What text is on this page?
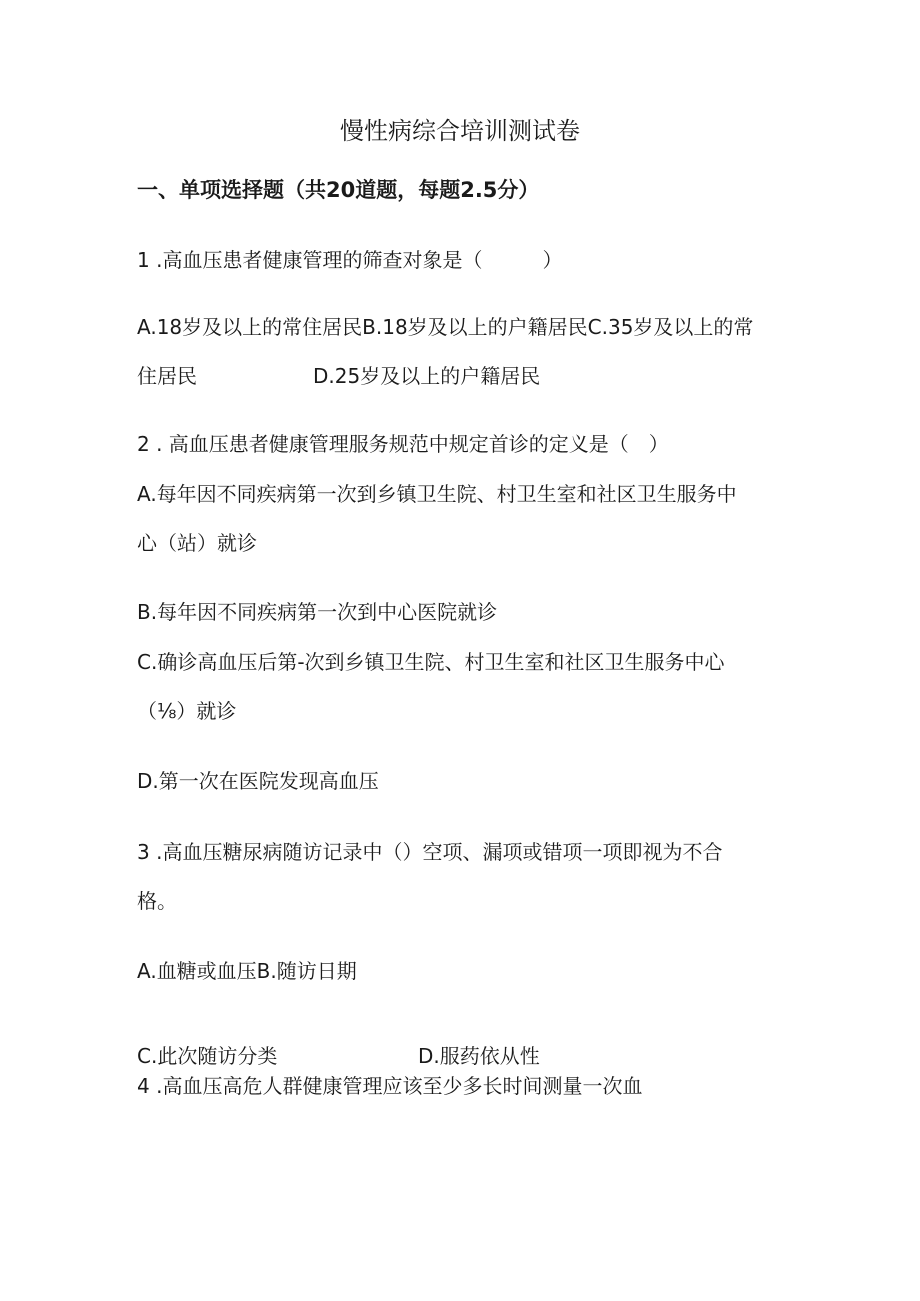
慢性病综合培训测试卷
一、单项选择题（共20道题，每题2.5分）
1 .高血压患者健康管理的筛查对象是（　　　）
A.18岁及以上的常住居民B.18岁及以上的户籍居民C.35岁及以上的常
住居民	D.25岁及以上的户籍居民
2 . 高血压患者健康管理服务规范中规定首诊的定义是（　）
A.每年因不同疾病第一次到乡镇卫生院、村卫生室和社区卫生服务中
心（站）就诊
B.每年因不同疾病第一次到中心医院就诊
C.确诊高血压后第-次到乡镇卫生院、村卫生室和社区卫生服务中心
（⅛）就诊
D.第一次在医院发现高血压
3 .高血压糖尿病随访记录中（）空项、漏项或错项一项即视为不合
格。
A.血糖或血压B.随访日期
C.此次随访分类	D.服药依从性
4 .高血压高危人群健康管理应该至少多长时间测量一次血
